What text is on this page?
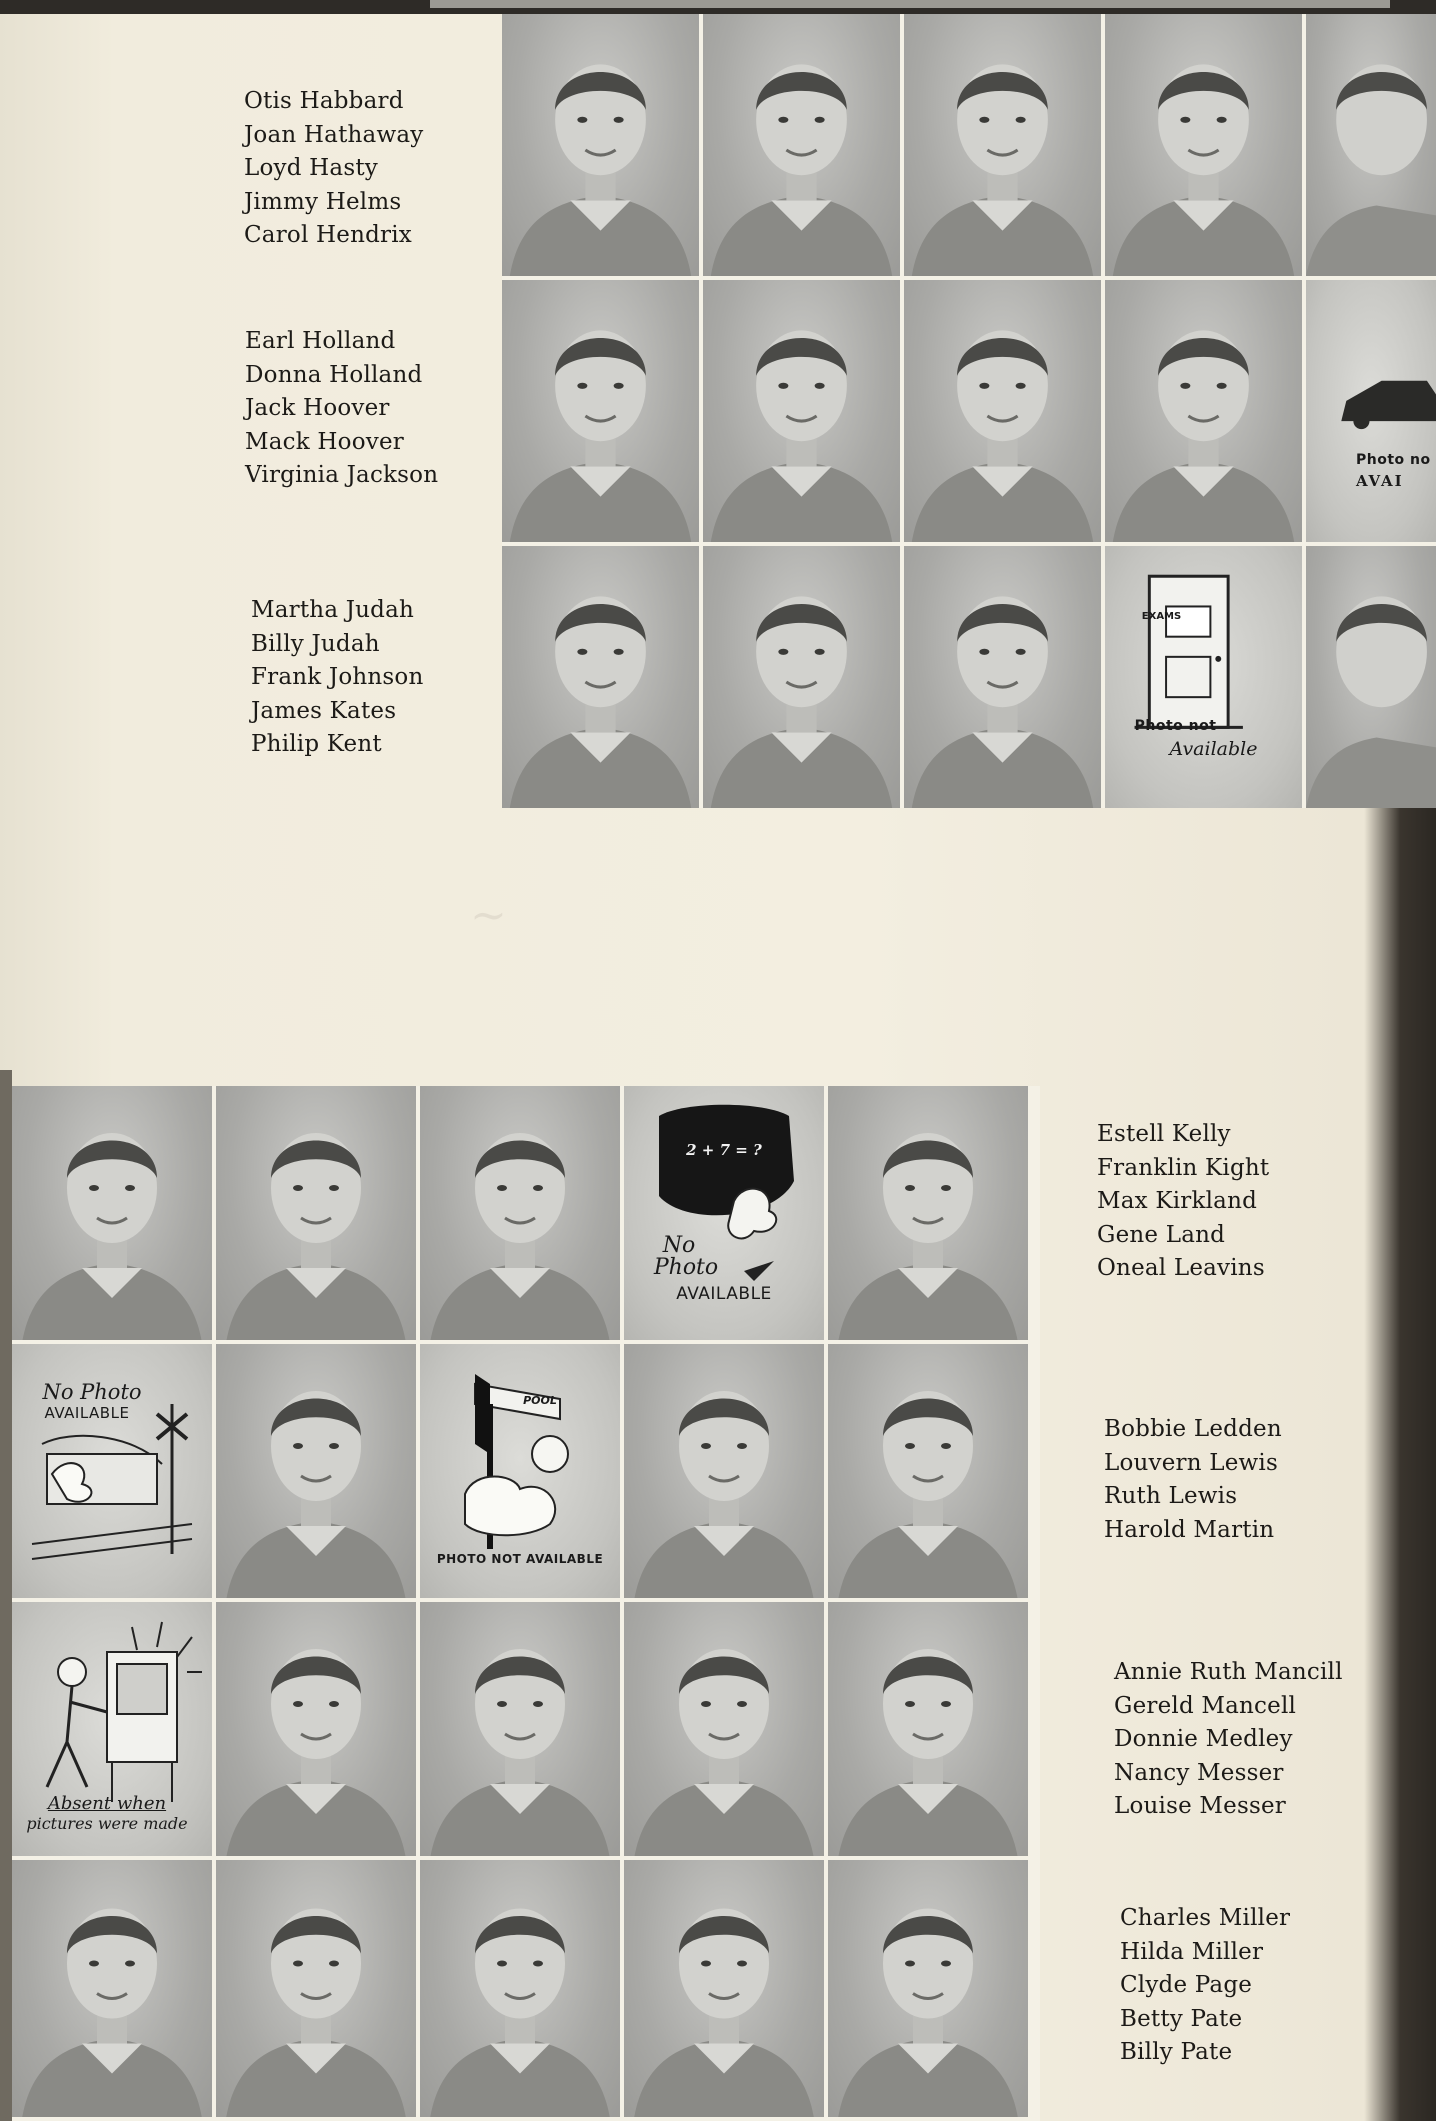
Otis Habbard
Joan Hathaway
Loyd Hasty
Jimmy Helms
Carol Hendrix
Earl Holland
Donna Holland
Jack Hoover
Mack Hoover
Virginia Jackson
Martha Judah
Billy Judah
Frank Johnson
James Kates
Philip Kent
Photo no
AVAI
EXAMS
Photo not
Available
~
2 + 7 = ?
No
Photo
AVAILABLE
No Photo
AVAILABLE
POOL
PHOTO NOT AVAILABLE
Absent when
pictures were made
Estell Kelly
Franklin Kight
Max Kirkland
Gene Land
Oneal Leavins
Bobbie Ledden
Louvern Lewis
Ruth Lewis
Harold Martin
Annie Ruth Mancill
Gereld Mancell
Donnie Medley
Nancy Messer
Louise Messer
Charles Miller
Hilda Miller
Clyde Page
Betty Pate
Billy Pate
